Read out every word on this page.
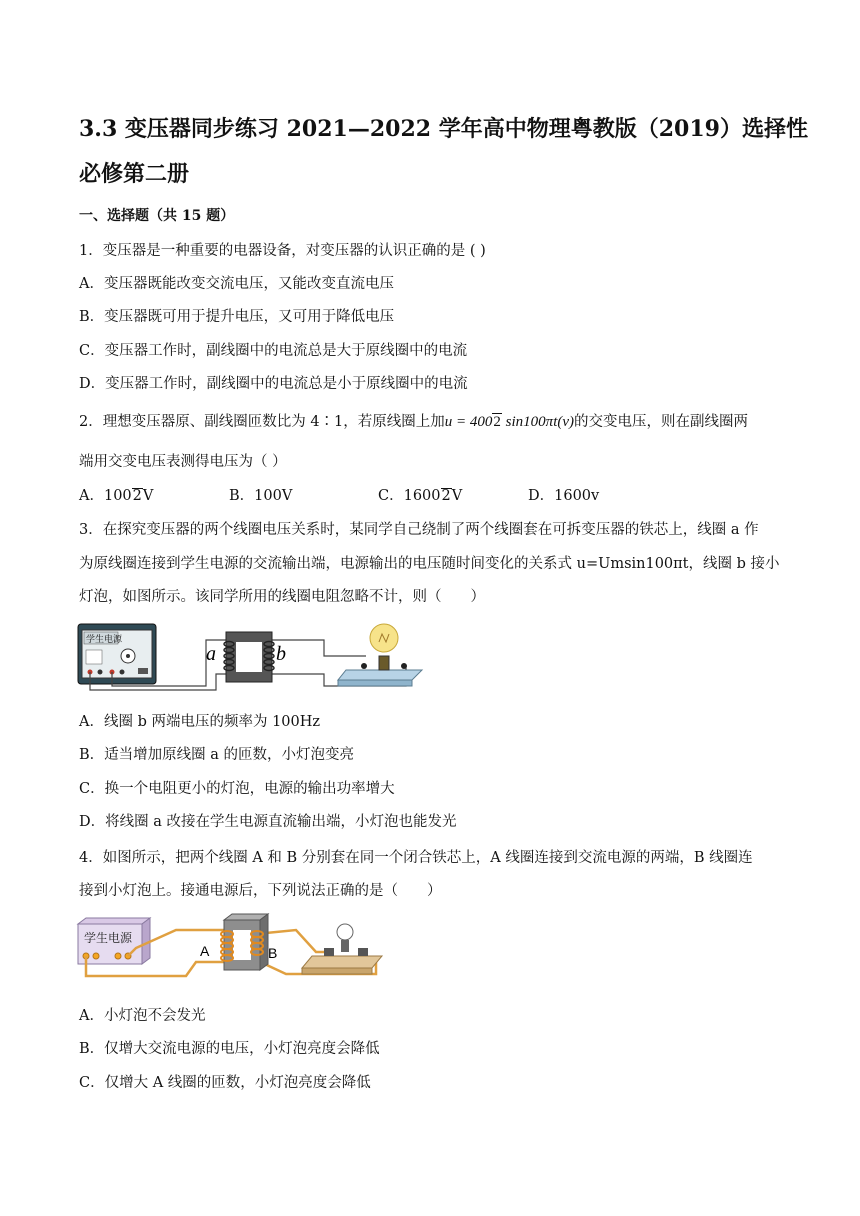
3.3 变压器同步练习 2021—2022 学年高中物理粤教版（2019）选择性
必修第二册
一、选择题（共 15 题）
1．变压器是一种重要的电器设备，对变压器的认识正确的是 ( )
A．变压器既能改变交流电压，又能改变直流电压
B．变压器既可用于提升电压，又可用于降低电压
C．变压器工作时，副线圈中的电流总是大于原线圈中的电流
D．变压器工作时，副线圈中的电流总是小于原线圈中的电流
2．理想变压器原、副线圈匝数比为 4∶1，若原线圈上加u = 4002 sin100πt(v)的交变电压，则在副线圈两
端用交变电压表测得电压为（ ）
A．1002V	B．100V	C．16002V	D．1600v
3．在探究变压器的两个线圈电压关系时，某同学自己绕制了两个线圈套在可拆变压器的铁芯上，线圈 a 作
为原线圈连接到学生电源的交流输出端，电源输出的电压随时间变化的关系式 u=Umsin100πt，线圈 b 接小
灯泡，如图所示。该同学所用的线圈电阻忽略不计，则（　　）
学生电源
a	b
A．线圈 b 两端电压的频率为 100Hz
B．适当增加原线圈 a 的匝数，小灯泡变亮
C．换一个电阻更小的灯泡，电源的输出功率增大
D．将线圈 a 改接在学生电源直流输出端，小灯泡也能发光
4．如图所示，把两个线圈 A 和 B 分别套在同一个闭合铁芯上，A 线圈连接到交流电源的两端，B 线圈连
接到小灯泡上。接通电源后，下列说法正确的是（　　）
学生电源
A	B
A．小灯泡不会发光
B．仅增大交流电源的电压，小灯泡亮度会降低
C．仅增大 A 线圈的匝数，小灯泡亮度会降低
